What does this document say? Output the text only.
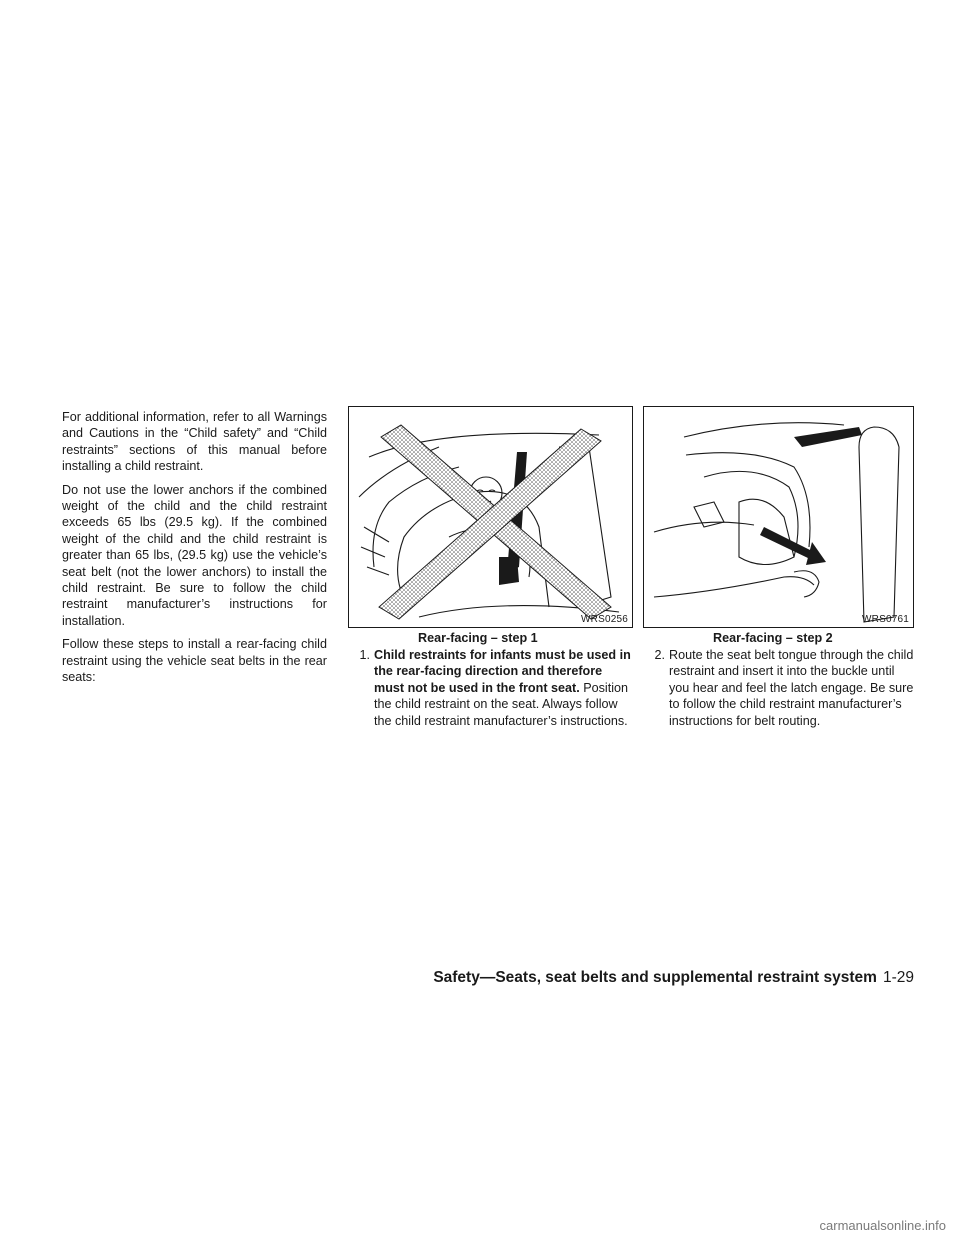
For additional information, refer to all Warnings and Cautions in the “Child safety” and “Child restraints” sections of this manual before installing a child restraint.

Do not use the lower anchors if the combined weight of the child and the child restraint exceeds 65 lbs (29.5 kg). If the combined weight of the child and the child restraint is greater than 65 lbs, (29.5 kg) use the vehicle’s seat belt (not the lower anchors) to install the child restraint. Be sure to follow the child restraint manufacturer’s instructions for installation.

Follow these steps to install a rear-facing child restraint using the vehicle seat belts in the rear seats:

WRS0256
Rear-facing – step 1
1. Child restraints for infants must be used in the rear-facing direction and therefore must not be used in the front seat. Position the child restraint on the seat. Always follow the child restraint manufacturer’s instructions.
WRS0761
Rear-facing – step 2
2. Route the seat belt tongue through the child restraint and insert it into the buckle until you hear and feel the latch engage. Be sure to follow the child restraint manufacturer’s instructions for belt routing.
Safety—Seats, seat belts and supplemental restraint system 1-29
carmanualsonline.info
